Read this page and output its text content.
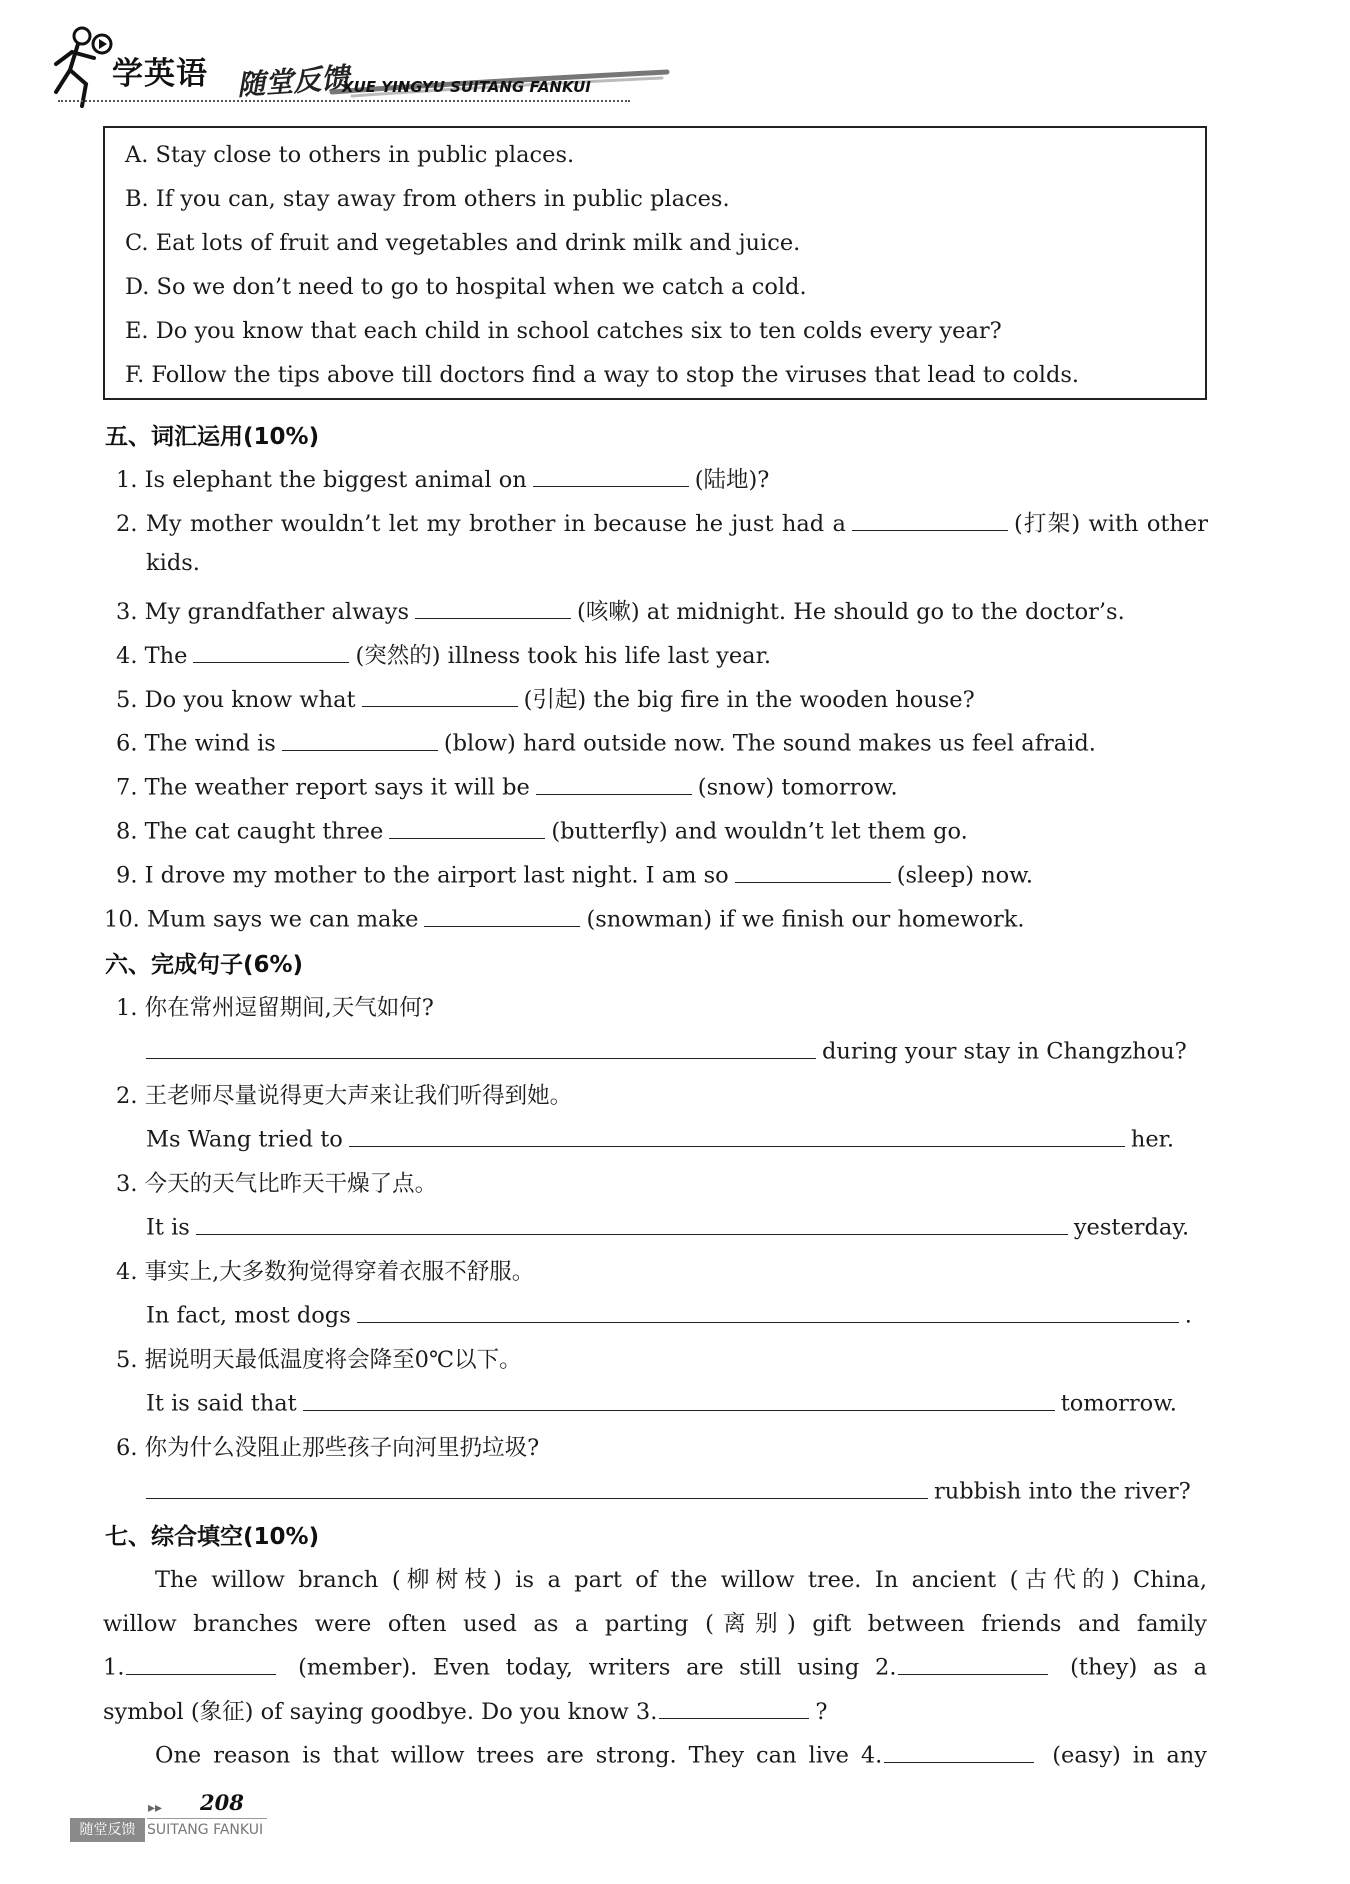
学英语 随堂反馈
XUE YINGYU SUITANG FANKUI
A. Stay close to others in public places.
B. If you can, stay away from others in public places.
C. Eat lots of fruit and vegetables and drink milk and juice.
D. So we don’t need to go to hospital when we catch a cold.
E. Do you know that each child in school catches six to ten colds every year?
F. Follow the tips above till doctors find a way to stop the viruses that lead to colds.
五、词汇运用(10%)
1. Is elephant the biggest animal on	(陆地)?
2. My mother wouldn’t let my brother in because he just had a	(打架) with other
kids.
3. My grandfather always	(咳嗽) at midnight. He should go to the doctor’s.
4. The	(突然的) illness took his life last year.
5. Do you know what	(引起) the big fire in the wooden house?
6. The wind is	(blow) hard outside now. The sound makes us feel afraid.
7. The weather report says it will be	(snow) tomorrow.
8. The cat caught three	(butterfly) and wouldn’t let them go.
9. I drove my mother to the airport last night. I am so	(sleep) now.
10. Mum says we can make	(snowman) if we finish our homework.
六、完成句子(6%)
1. 你在常州逗留期间,天气如何?
during your stay in Changzhou?
2. 王老师尽量说得更大声来让我们听得到她。
Ms Wang tried to	her.
3. 今天的天气比昨天干燥了点。
It is	yesterday.
4. 事实上,大多数狗觉得穿着衣服不舒服。
In fact, most dogs	.
5. 据说明天最低温度将会降至0℃以下。
It is said that	tomorrow.
6. 你为什么没阻止那些孩子向河里扔垃圾?
rubbish into the river?
七、综合填空(10%)
The willow branch (柳树枝) is a part of the willow tree. In ancient (古代的) China,
willow branches were often used as a parting (离别) gift between friends and family
1.	(member). Even today, writers are still using 2.	(they) as a
symbol (象征) of saying goodbye. Do you know 3.	?
One reason is that willow trees are strong. They can live 4.	(easy) in any
▸▸ 208
随堂反馈 SUITANG FANKUI
